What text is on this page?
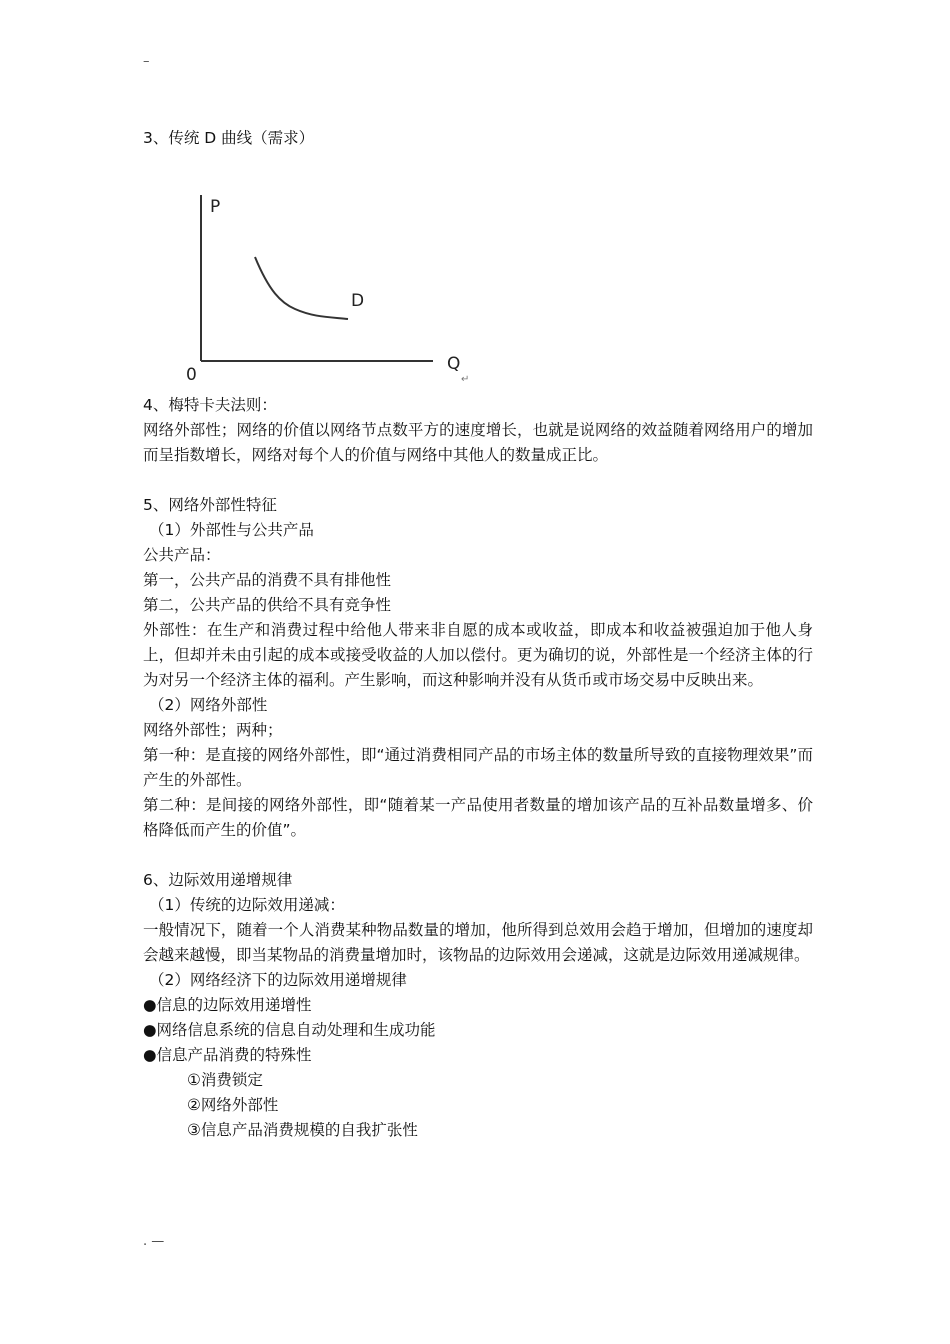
–
3、传统 D 曲线（需求）
P
D
0
Q
↵
4、梅特卡夫法则：
网络外部性；网络的价值以网络节点数平方的速度增长，也就是说网络的效益随着网络用户的增加而呈指数增长，网络对每个人的价值与网络中其他人的数量成正比。
5、网络外部性特征
（1）外部性与公共产品
公共产品：
第一，公共产品的消费不具有排他性
第二，公共产品的供给不具有竞争性
外部性：在生产和消费过程中给他人带来非自愿的成本或收益，即成本和收益被强迫加于他人身上，但却并未由引起的成本或接受收益的人加以偿付。更为确切的说，外部性是一个经济主体的行为对另一个经济主体的福利。产生影响，而这种影响并没有从货币或市场交易中反映出来。
（2）网络外部性
网络外部性；两种；
第一种：是直接的网络外部性，即“通过消费相同产品的市场主体的数量所导致的直接物理效果”而产生的外部性。
第二种：是间接的网络外部性，即“随着某一产品使用者数量的增加该产品的互补品数量增多、价格降低而产生的价值”。
6、边际效用递增规律
（1）传统的边际效用递减：
一般情况下，随着一个人消费某种物品数量的增加，他所得到总效用会趋于增加，但增加的速度却会越来越慢，即当某物品的消费量增加时，该物品的边际效用会递减，这就是边际效用递减规律。
（2）网络经济下的边际效用递增规律
●信息的边际效用递增性
●网络信息系统的信息自动处理和生成功能
●信息产品消费的特殊性
①消费锁定
②网络外部性
③信息产品消费规模的自我扩张性
. —
